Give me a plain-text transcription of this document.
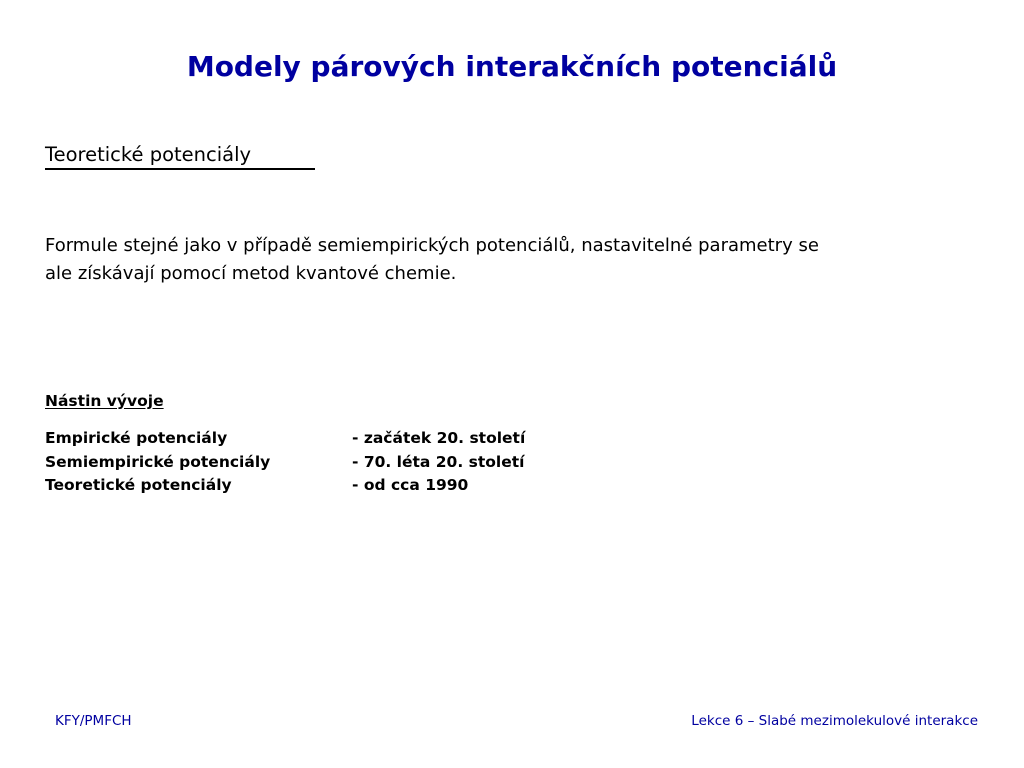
Modely párových interakčních potenciálů
Teoretické potenciály
Formule stejné jako v případě semiempirických potenciálů, nastavitelné parametry se
ale získávají pomocí metod kvantové chemie.
Nástin vývoje
Empirické potenciály	- začátek 20. století
Semiempirické potenciály	- 70. léta 20. století
Teoretické potenciály	- od cca 1990
KFY/PMFCH	Lekce 6 – Slabé mezimolekulové interakce
